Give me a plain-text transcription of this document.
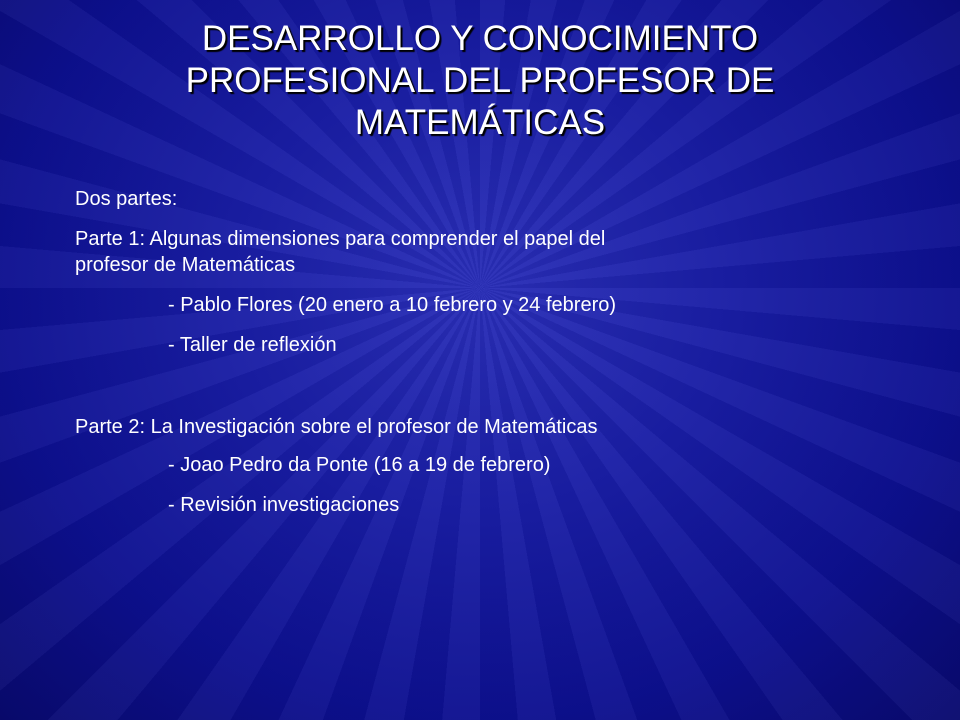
DESARROLLO Y CONOCIMIENTO
PROFESIONAL DEL PROFESOR DE
MATEMÁTICAS
Dos partes:
Parte 1: Algunas dimensiones para comprender el papel del
profesor de Matemáticas
- Pablo Flores (20 enero a 10 febrero y 24 febrero)
- Taller de reflexión
Parte 2: La Investigación sobre el profesor de Matemáticas
- Joao Pedro da Ponte (16 a 19 de febrero)
- Revisión investigaciones
